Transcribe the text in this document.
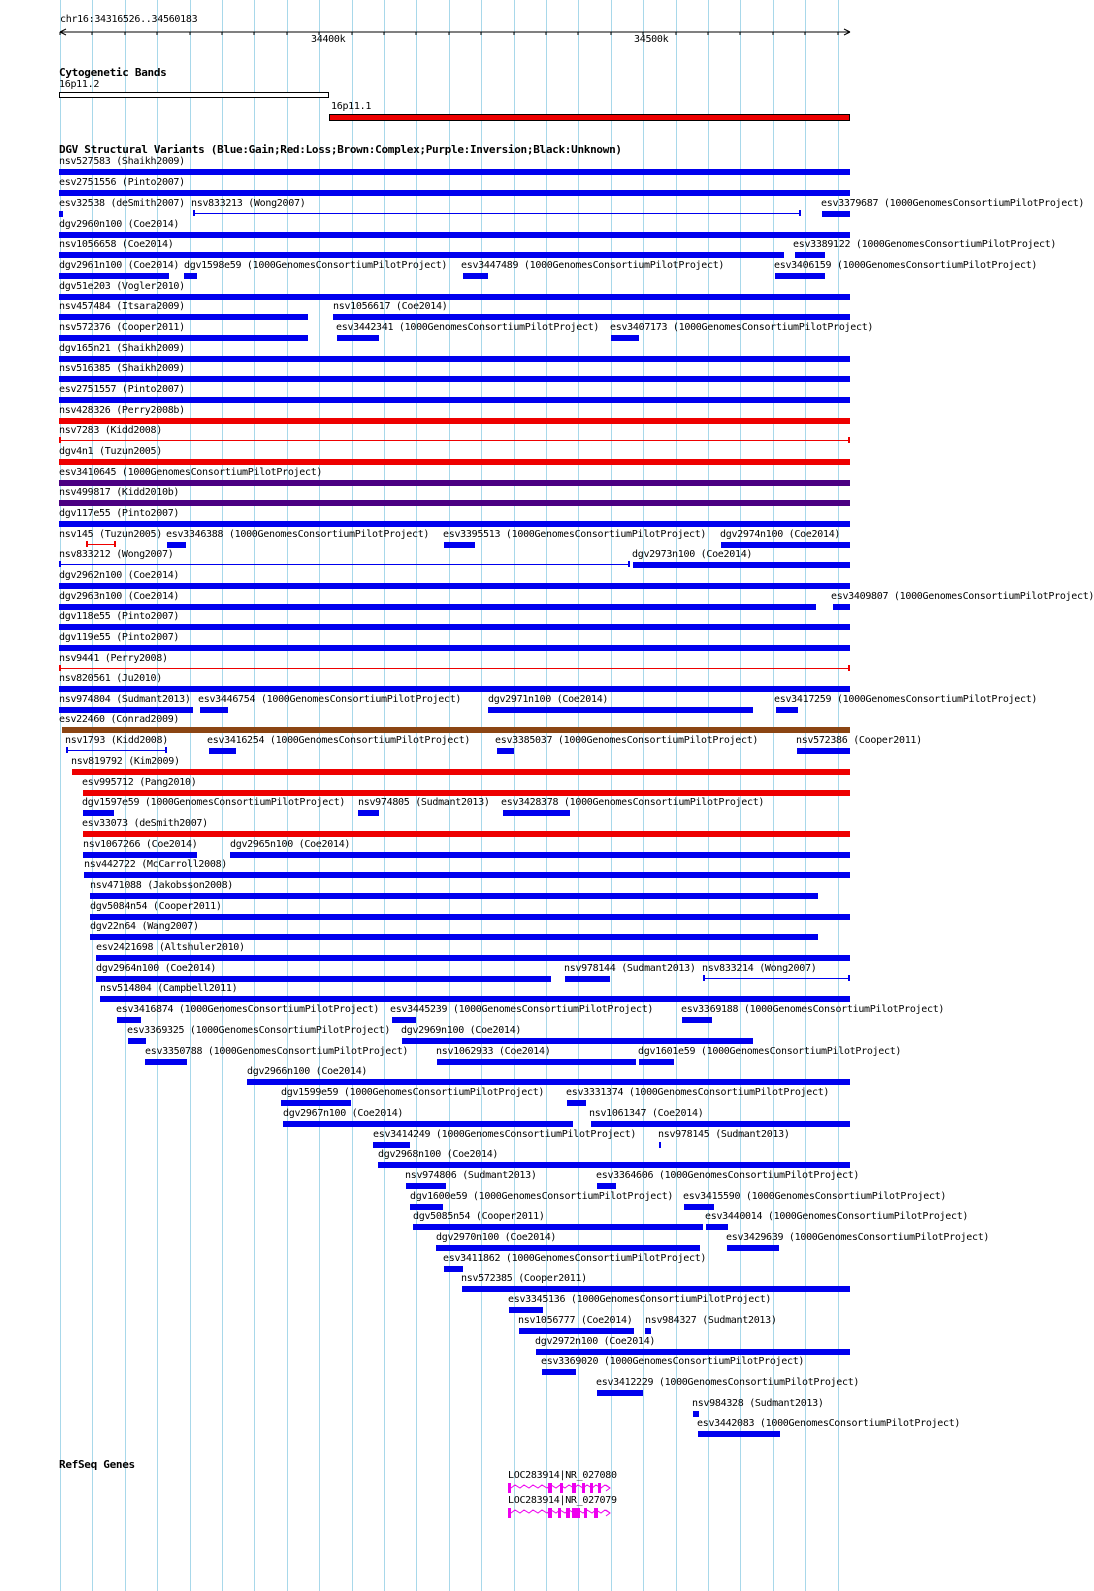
chr16:34316526..34560183
34400k	34500k
Cytogenetic Bands
16p11.2
16p11.1
DGV Structural Variants (Blue:Gain;Red:Loss;Brown:Complex;Purple:Inversion;Black:Unknown)
nsv527583 (Shaikh2009)
esv2751556 (Pinto2007)
esv32538 (deSmith2007) nsv833213 (Wong2007)	esv3379687 (1000GenomesConsortiumPilotProject)
dgv2960n100 (Coe2014)
nsv1056658 (Coe2014)	esv3389122 (1000GenomesConsortiumPilotProject)
dgv2961n100 (Coe2014) dgv1598e59 (1000GenomesConsortiumPilotProject) esv3447489 (1000GenomesConsortiumPilotProject)	esv3406159 (1000GenomesConsortiumPilotProject)
dgv51e203 (Vogler2010)
nsv457484 (Itsara2009)	nsv1056617 (Coe2014)
nsv572376 (Cooper2011)	esv3442341 (1000GenomesConsortiumPilotProject) esv3407173 (1000GenomesConsortiumPilotProject)
dgv165n21 (Shaikh2009)
nsv516385 (Shaikh2009)
esv2751557 (Pinto2007)
nsv428326 (Perry2008b)
nsv7283 (Kidd2008)
dgv4n1 (Tuzun2005)
esv3410645 (1000GenomesConsortiumPilotProject)
nsv499817 (Kidd2010b)
dgv117e55 (Pinto2007)
nsv145 (Tuzun2005) esv3346388 (1000GenomesConsortiumPilotProject) esv3395513 (1000GenomesConsortiumPilotProject) dgv2974n100 (Coe2014)
nsv833212 (Wong2007)	dgv2973n100 (Coe2014)
dgv2962n100 (Coe2014)
dgv2963n100 (Coe2014)	esv3409807 (1000GenomesConsortiumPilotProject)
dgv118e55 (Pinto2007)
dgv119e55 (Pinto2007)
nsv9441 (Perry2008)
nsv820561 (Ju2010)
nsv974804 (Sudmant2013) esv3446754 (1000GenomesConsortiumPilotProject)	dgv2971n100 (Coe2014)	esv3417259 (1000GenomesConsortiumPilotProject)
esv22460 (Conrad2009)
nsv1793 (Kidd2008)	esv3416254 (1000GenomesConsortiumPilotProject) esv3385037 (1000GenomesConsortiumPilotProject)	nsv572386 (Cooper2011)
nsv819792 (Kim2009)
esv995712 (Pang2010)
dgv1597e59 (1000GenomesConsortiumPilotProject) nsv974805 (Sudmant2013) esv3428378 (1000GenomesConsortiumPilotProject)
esv33073 (deSmith2007)
nsv1067266 (Coe2014)	dgv2965n100 (Coe2014)
nsv442722 (McCarroll2008)
nsv471088 (Jakobsson2008)
dgv5084n54 (Cooper2011)
dgv22n64 (Wang2007)
esv2421698 (Altshuler2010)
dgv2964n100 (Coe2014)	nsv978144 (Sudmant2013) nsv833214 (Wong2007)
nsv514804 (Campbell2011)
esv3416874 (1000GenomesConsortiumPilotProject) esv3445239 (1000GenomesConsortiumPilotProject)	esv3369188 (1000GenomesConsortiumPilotProject)
esv3369325 (1000GenomesConsortiumPilotProject) dgv2969n100 (Coe2014)
esv3350788 (1000GenomesConsortiumPilotProject)	nsv1062933 (Coe2014)	dgv1601e59 (1000GenomesConsortiumPilotProject)
dgv2966n100 (Coe2014)
dgv1599e59 (1000GenomesConsortiumPilotProject) esv3331374 (1000GenomesConsortiumPilotProject)
dgv2967n100 (Coe2014)	nsv1061347 (Coe2014)
esv3414249 (1000GenomesConsortiumPilotProject) nsv978145 (Sudmant2013)
dgv2968n100 (Coe2014)
nsv974806 (Sudmant2013)	esv3364606 (1000GenomesConsortiumPilotProject)
dgv1600e59 (1000GenomesConsortiumPilotProject) esv3415590 (1000GenomesConsortiumPilotProject)
dgv5085n54 (Cooper2011)	esv3440014 (1000GenomesConsortiumPilotProject)
dgv2970n100 (Coe2014)	esv3429639 (1000GenomesConsortiumPilotProject)
esv3411862 (1000GenomesConsortiumPilotProject)
nsv572385 (Cooper2011)
esv3345136 (1000GenomesConsortiumPilotProject)
nsv1056777 (Coe2014) nsv984327 (Sudmant2013)
dgv2972n100 (Coe2014)
esv3369020 (1000GenomesConsortiumPilotProject)
esv3412229 (1000GenomesConsortiumPilotProject)
nsv984328 (Sudmant2013)
esv3442083 (1000GenomesConsortiumPilotProject)
RefSeq Genes
LOC283914|NR_027080
LOC283914|NR_027079
